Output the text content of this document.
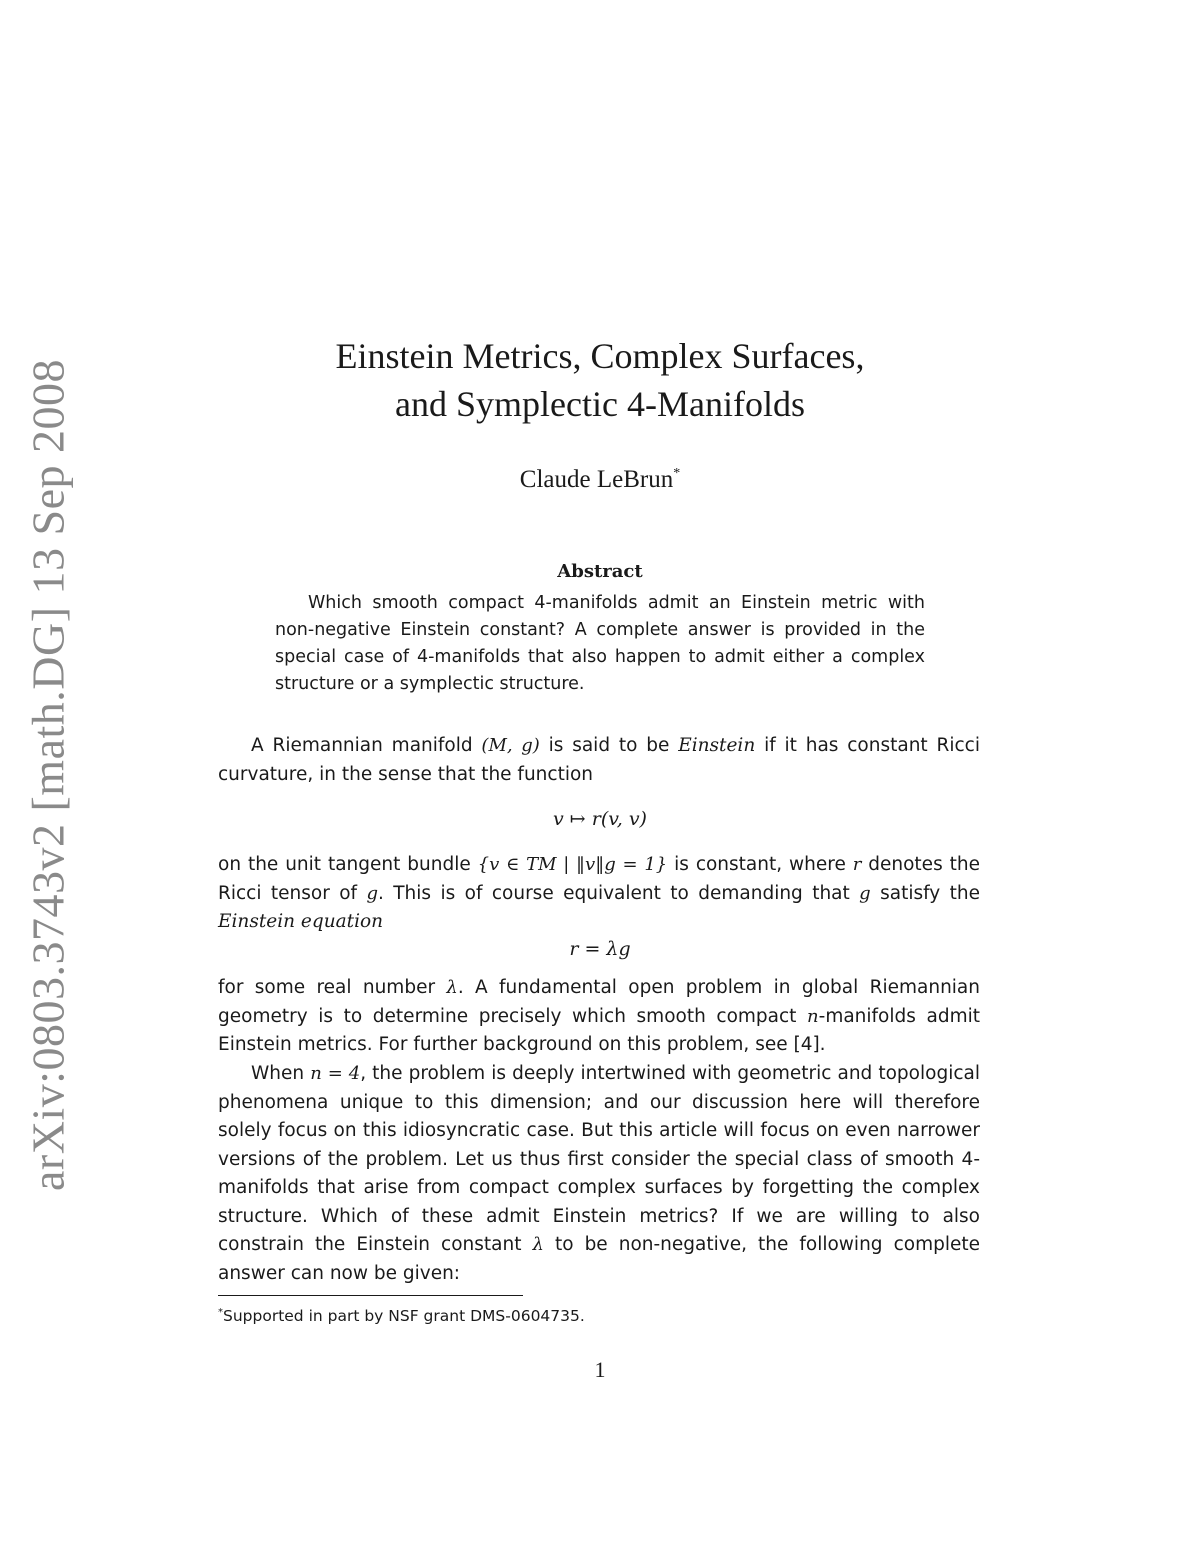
arXiv:0803.3743v2 [math.DG] 13 Sep 2008
Einstein Metrics, Complex Surfaces,
and Symplectic 4-Manifolds
Claude LeBrun*
Abstract
Which smooth compact 4-manifolds admit an Einstein metric with non-negative Einstein constant? A complete answer is provided in the special case of 4-manifolds that also happen to admit either a complex structure or a symplectic structure.
A Riemannian manifold (M, g) is said to be Einstein if it has constant Ricci curvature, in the sense that the function
v ↦ r(v, v)
on the unit tangent bundle {v ∈ TM | ‖v‖g = 1} is constant, where r denotes the Ricci tensor of g. This is of course equivalent to demanding that g satisfy the Einstein equation
r = λg
for some real number λ. A fundamental open problem in global Riemannian geometry is to determine precisely which smooth compact n-manifolds admit Einstein metrics. For further background on this problem, see [4].
When n = 4, the problem is deeply intertwined with geometric and topological phenomena unique to this dimension; and our discussion here will therefore solely focus on this idiosyncratic case. But this article will focus on even narrower versions of the problem. Let us thus first consider the special class of smooth 4-manifolds that arise from compact complex surfaces by forgetting the complex structure. Which of these admit Einstein metrics? If we are willing to also constrain the Einstein constant λ to be non-negative, the following complete answer can now be given:
*Supported in part by NSF grant DMS-0604735.
1
